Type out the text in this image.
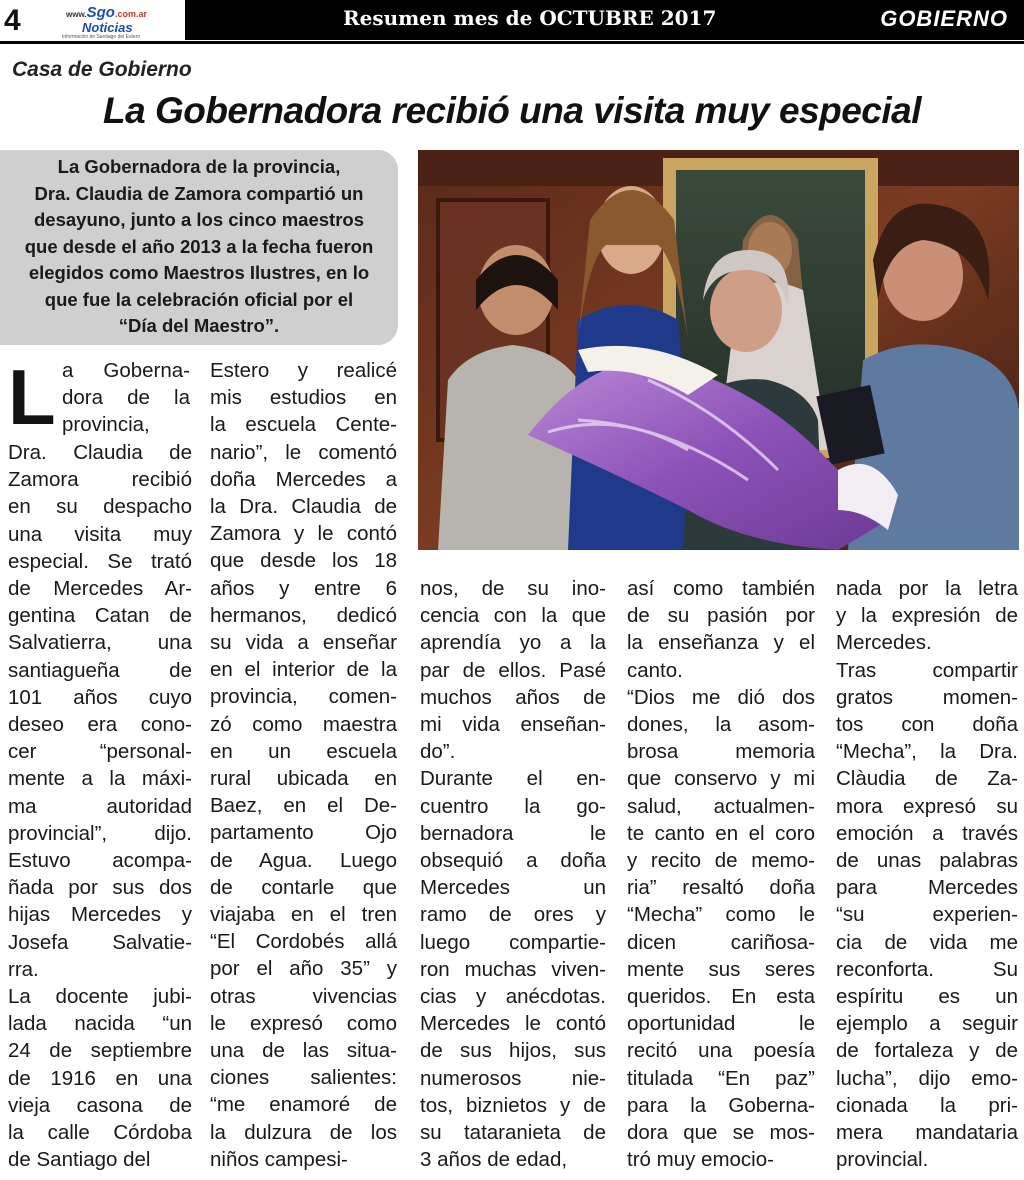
4	www.Sgo.com.ar
Noticias
Información de Santiago del Estero
Resumen mes de OCTUBRE 2017	GOBIERNO
Casa de Gobierno
La Gobernadora recibió una visita muy especial
La Gobernadora de la provincia,
Dra. Claudia de Zamora compartió un
desayuno, junto a los cinco maestros
que desde el año 2013 a la fecha fueron
elegidos como Maestros Ilustres, en lo
que fue la celebración oficial por el
“Día del Maestro”.
L a Goberna-
dora de la
provincia,
Dra. Claudia de
Zamora recibió
en su despacho
una visita muy
especial. Se trató
de Mercedes Ar-
gentina Catan de
Salvatierra, una
santiagueña de
101 años cuyo
deseo era cono-
cer “personal-
mente a la máxi-
ma autoridad
provincial”, dijo.
Estuvo acompa-
ñada por sus dos
hijas Mercedes y
Josefa Salvatie-
rra.
La docente jubi-
lada nacida “un
24 de septiembre
de 1916 en una
vieja casona de
la calle Córdoba
de Santiago del
Estero y realicé
mis estudios en
la escuela Cente-
nario”, le comentó
doña Mercedes a
la Dra. Claudia de
Zamora y le contó
que desde los 18
años y entre 6
hermanos, dedicó
su vida a enseñar
en el interior de la
provincia, comen-
zó como maestra
en un escuela
rural ubicada en
Baez, en el De-
partamento Ojo
de Agua. Luego
de contarle que
viajaba en el tren
“El Cordobés allá
por el año 35” y
otras vivencias
le expresó como
una de las situa-
ciones salientes:
“me enamoré de
la dulzura de los
niños campesi-
nos, de su ino-
cencia con la que
aprendía yo a la
par de ellos. Pasé
muchos años de
mi vida enseñan-
do”.
Durante el en-
cuentro la go-
bernadora le
obsequió a doña
Mercedes un
ramo de ores y
luego compartie-
ron muchas viven-
cias y anécdotas.
Mercedes le contó
de sus hijos, sus
numerosos nie-
tos, biznietos y de
su tataranieta de
3 años de edad,
así como también
de su pasión por
la enseñanza y el
canto.
“Dios me dió dos
dones, la asom-
brosa memoria
que conservo y mi
salud, actualmen-
te canto en el coro
y recito de memo-
ria” resaltó doña
“Mecha” como le
dicen cariñosa-
mente sus seres
queridos. En esta
oportunidad le
recitó una poesía
titulada “En paz”
para la Goberna-
dora que se mos-
tró muy emocio-
nada por la letra
y la expresión de
Mercedes.
Tras compartir
gratos momen-
tos con doña
“Mecha”, la Dra.
Clàudia de Za-
mora expresó su
emoción a través
de unas palabras
para Mercedes
“su experien-
cia de vida me
reconforta. Su
espíritu es un
ejemplo a seguir
de fortaleza y de
lucha”, dijo emo-
cionada la pri-
mera mandataria
provincial.
